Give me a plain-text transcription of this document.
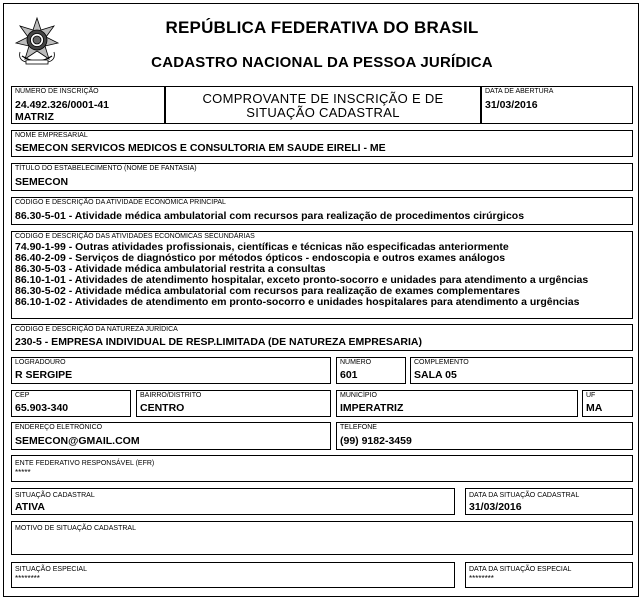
REPÚBLICA FEDERATIVA DO BRASIL
CADASTRO NACIONAL DA PESSOA JURÍDICA
NÚMERO DE INSCRIÇÃO
24.492.326/0001-41
MATRIZ
COMPROVANTE DE INSCRIÇÃO E DE
SITUAÇÃO CADASTRAL
DATA DE ABERTURA
31/03/2016
NOME EMPRESARIAL
SEMECON SERVICOS MEDICOS E CONSULTORIA EM SAUDE EIRELI - ME
TÍTULO DO ESTABELECIMENTO (NOME DE FANTASIA)
SEMECON
CÓDIGO E DESCRIÇÃO DA ATIVIDADE ECONÔMICA PRINCIPAL
86.30-5-01 - Atividade médica ambulatorial com recursos para realização de procedimentos cirúrgicos
CÓDIGO E DESCRIÇÃO DAS ATIVIDADES ECONÔMICAS SECUNDÁRIAS
74.90-1-99 - Outras atividades profissionais, científicas e técnicas não especificadas anteriormente
86.40-2-09 - Serviços de diagnóstico por métodos ópticos - endoscopia e outros exames análogos
86.30-5-03 - Atividade médica ambulatorial restrita a consultas
86.10-1-01 - Atividades de atendimento hospitalar, exceto pronto-socorro e unidades para atendimento a urgências
86.30-5-02 - Atividade médica ambulatorial com recursos para realização de exames complementares
86.10-1-02 - Atividades de atendimento em pronto-socorro e unidades hospitalares para atendimento a urgências
CÓDIGO E DESCRIÇÃO DA NATUREZA JURÍDICA
230-5 - EMPRESA INDIVIDUAL DE RESP.LIMITADA (DE NATUREZA EMPRESARIA)
LOGRADOURO
R SERGIPE
NÚMERO
601
COMPLEMENTO
SALA 05
CEP
65.903-340
BAIRRO/DISTRITO
CENTRO
MUNICÍPIO
IMPERATRIZ
UF
MA
ENDEREÇO ELETRÔNICO
SEMECON@GMAIL.COM
TELEFONE
(99) 9182-3459
ENTE FEDERATIVO RESPONSÁVEL (EFR)
*****
SITUAÇÃO CADASTRAL
ATIVA
DATA DA SITUAÇÃO CADASTRAL
31/03/2016
MOTIVO DE SITUAÇÃO CADASTRAL
SITUAÇÃO ESPECIAL
********
DATA DA SITUAÇÃO ESPECIAL
********
